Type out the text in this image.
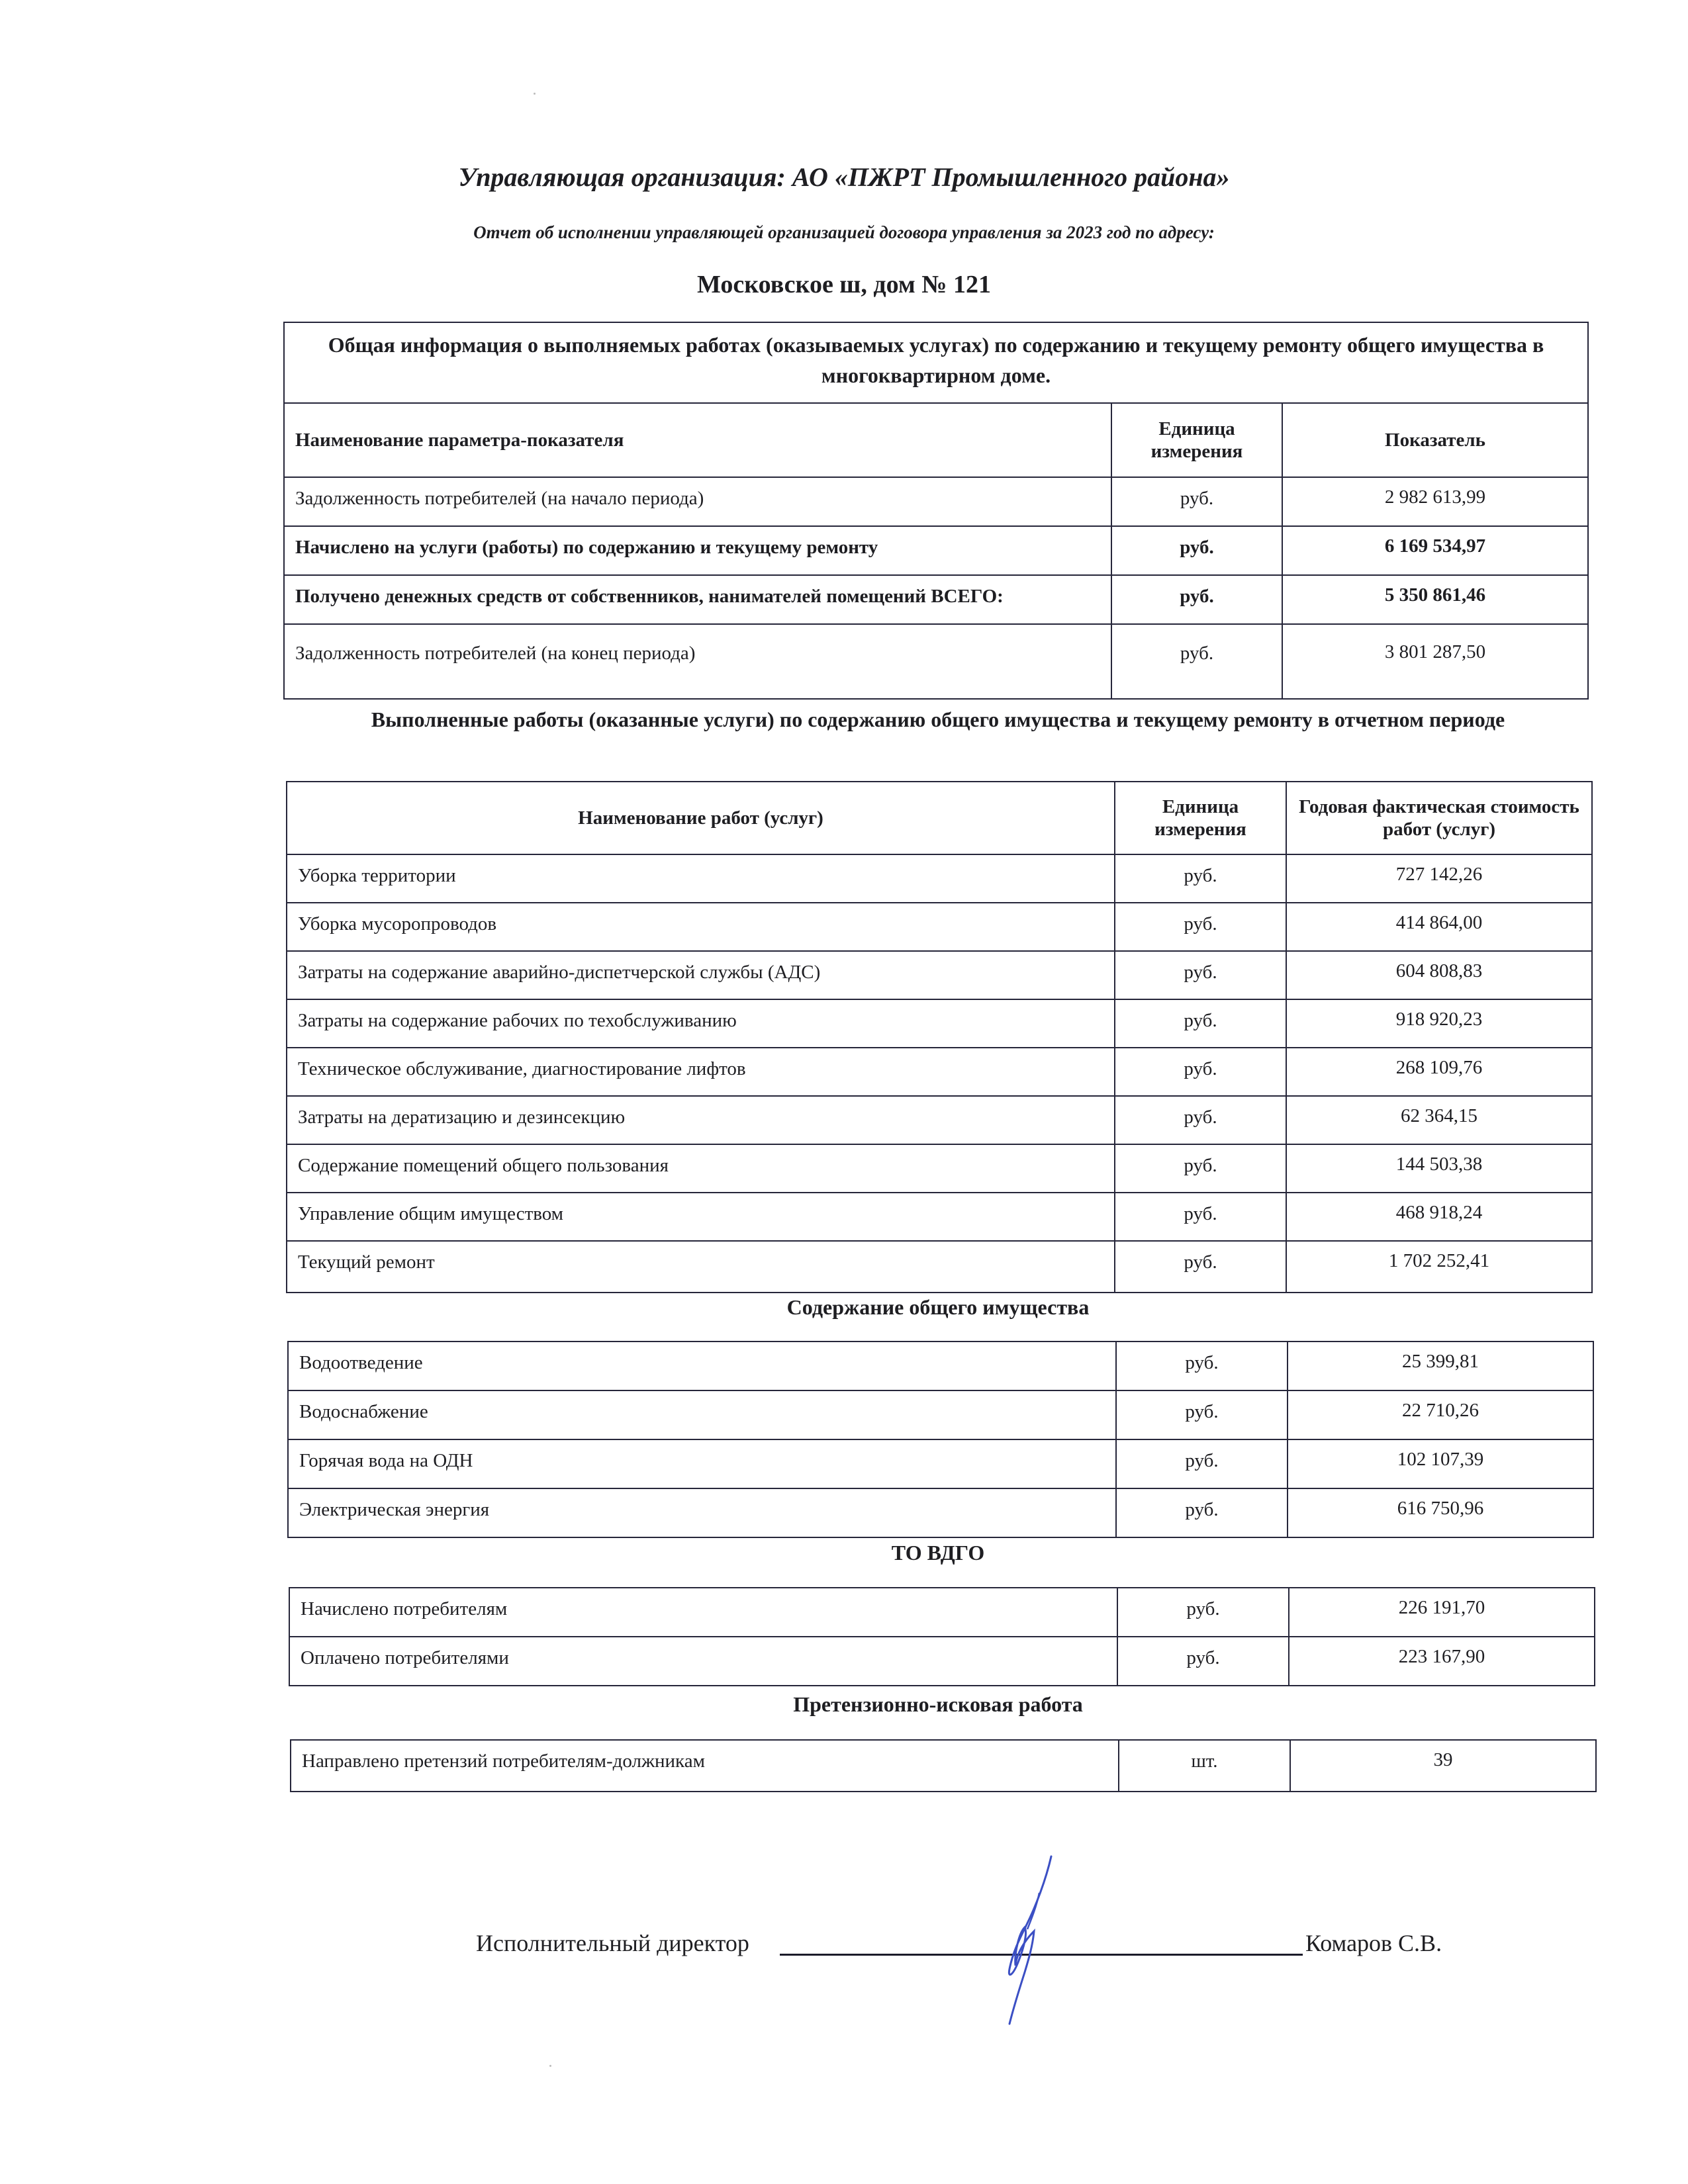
Управляющая организация: АО «ПЖРТ Промышленного района»
Отчет об исполнении управляющей организацией договора управления за 2023 год по адресу:
Московское ш, дом № 121
Общая информация о выполняемых работах (оказываемых услугах) по содержанию и текущему ремонту общего имущества в многоквартирном доме.		
Наименование параметра-показателя	Единица измерения	Показатель
Задолженность потребителей (на начало периода)	руб.	2 982 613,99
Начислено на услуги (работы) по содержанию и текущему ремонту	руб.	6 169 534,97
Получено денежных средств от собственников, нанимателей помещений ВСЕГО:	руб.	5 350 861,46
Задолженность потребителей (на конец периода)	руб.	3 801 287,50
Выполненные работы (оказанные услуги) по содержанию общего имущества и текущему ремонту в отчетном периоде
Наименование работ (услуг)	Единица измерения	Годовая фактическая стоимость работ (услуг)
Уборка территории	руб.	727 142,26
Уборка мусоропроводов	руб.	414 864,00
Затраты на содержание аварийно-диспетчерской службы (АДС)	руб.	604 808,83
Затраты на содержание рабочих по техобслуживанию	руб.	918 920,23
Техническое обслуживание, диагностирование лифтов	руб.	268 109,76
Затраты на дератизацию и дезинсекцию	руб.	62 364,15
Содержание помещений общего пользования	руб.	144 503,38
Управление общим имуществом	руб.	468 918,24
Текущий ремонт	руб.	1 702 252,41
Содержание общего имущества
Водоотведение	руб.	25 399,81
Водоснабжение	руб.	22 710,26
Горячая вода на ОДН	руб.	102 107,39
Электрическая энергия	руб.	616 750,96
ТО ВДГО
Начислено потребителям	руб.	226 191,70
Оплачено потребителями	руб.	223 167,90
Претензионно-исковая работа
Направлено претензий потребителям-должникам	шт.	39
Исполнительный директор	Комаров С.В.
